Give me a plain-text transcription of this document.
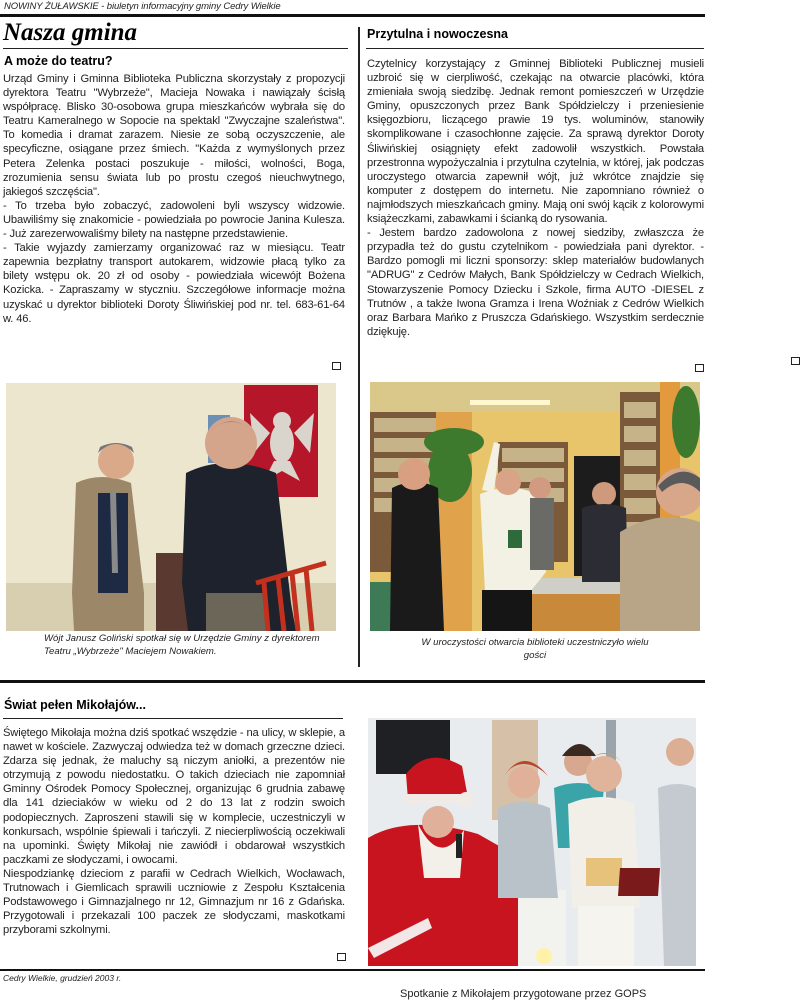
NOWINY ŻUŁAWSKIE - biuletyn informacyjny gminy Cedry Wielkie
Nasza gmina
A może do teatru?

Urząd Gminy i Gminna Biblioteka Publiczna skorzystały z propozycji dyrektora Teatru "Wybrzeże", Macieja Nowaka i nawiązały ścisłą współpracę. Blisko 30-osobowa grupa mieszkańców wybrała się do Teatru Kameralnego w Sopocie na spektakl "Zwyczajne szaleństwa". To komedia i dramat zarazem. Niesie ze sobą oczyszczenie, ale specyficzne, osiągane przez śmiech. "Każda z wymyślonych przez Petera Zelenka postaci poszukuje - miłości, wolności, Boga, zrozumienia sensu świata lub po prostu czegoś nieuchwytnego, jakiegoś szczęścia".

- To trzeba było zobaczyć, zadowoleni byli wszyscy widzowie. Ubawiliśmy się znakomicie - powiedziała po powrocie Janina Kulesza. - Już zarezerwowaliśmy bilety na następne przedstawienie.

- Takie wyjazdy zamierzamy organizować raz w miesiącu. Teatr zapewnia bezpłatny transport autokarem, widzowie płacą tylko za bilety wstępu ok. 20 zł od osoby - powiedziała wicewójt Bożena Kozicka. - Zapraszamy w styczniu. Szczegółowe informacje można uzyskać u dyrektor biblioteki Doroty Śliwińskiej pod nr. tel. 683-61-64 w. 46.

Wójt Janusz Goliński spotkał się w Urzędzie Gminy z dyrektorem Teatru „Wybrzeże" Maciejem Nowakiem.
Przytulna i nowoczesna

Czytelnicy korzystający z Gminnej Biblioteki Publicznej musieli uzbroić się w cierpliwość, czekając na otwarcie placówki, która zmieniała swoją siedzibę. Jednak remont pomieszczeń w Urzędzie Gminy, opuszczonych przez Bank Spółdzielczy i przeniesienie księgozbioru, liczącego prawie 19 tys. woluminów, stanowiły skomplikowane i czasochłonne zajęcie. Za sprawą dyrektor Doroty Śliwińskiej osiągnięty efekt zadowolił wszystkich. Powstała przestronna wypożyczalnia i przytulna czytelnia, w której, jak podczas uroczystego otwarcia zapewnił wójt, już wkrótce znajdzie się komputer z dostępem do internetu. Nie zapomniano również o najmłodszych mieszkańcach gminy. Mają oni swój kącik z kolorowymi książeczkami, zabawkami i ścianką do rysowania.

- Jestem bardzo zadowolona z nowej siedziby, zwłaszcza że przypadła też do gustu czytelnikom - powiedziała pani dyrektor. - Bardzo pomogli mi liczni sponsorzy: sklep materiałów budowlanych "ADRUG" z Cedrów Małych, Bank Spółdzielczy w Cedrach Wielkich, Stowarzyszenie Pomocy Dziecku i Szkole, firma AUTO -DIESEL z Trutnów , a także Iwona Gramza i Irena Woźniak z Cedrów Wielkich oraz Barbara Mańko z Pruszcza Gdańskiego. Wszystkim serdecznie dziękuję.

W uroczystości otwarcia biblioteki uczestniczyło wielu gości
Świat pełen Mikołajów...

Świętego Mikołaja można dziś spotkać wszędzie - na ulicy, w sklepie, a nawet w kościele. Zazwyczaj odwiedza też w domach grzeczne dzieci. Zdarza się jednak, że maluchy są niczym aniołki, a prezentów nie otrzymują z powodu niedostatku. O takich dzieciach nie zapomniał Gminny Ośrodek Pomocy Społecznej, organizując 6 grudnia zabawę dla 141 dzieciaków w wieku od 2 do 13 lat z rodzin swoich podopiecznych. Zaproszeni stawili się w komplecie, uczestniczyli w konkursach, wspólnie śpiewali i tańczyli. Z niecierpliwością oczekiwali na upominki. Święty Mikołaj nie zawiódł i obdarował wszystkich paczkami ze słodyczami, i owocami.

Niespodziankę dzieciom z parafii w Cedrach Wielkich, Wocławach, Trutnowach i Giemlicach sprawili uczniowie z Zespołu Kształcenia Podstawowego i Gimnazjalnego nr 12, Gimnazjum nr 16 z Gdańska. Przygotowali i przekazali 100 paczek ze słodyczami, maskotkami przyborami szkolnymi.

Cedry Wielkie, grudzień 2003 r.
Spotkanie z Mikołajem przygotowane przez GOPS
